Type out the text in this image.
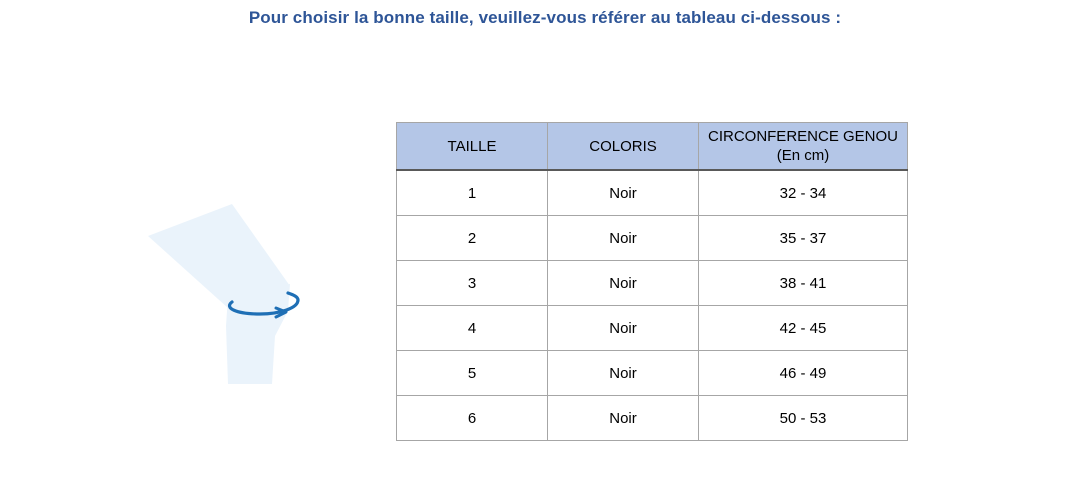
Pour choisir la bonne taille, veuillez-vous référer au tableau ci-dessous :
TAILLE	COLORIS	CIRCONFERENCE GENOU
(En cm)

1	Noir	32 - 34
2	Noir	35 - 37
3	Noir	38 - 41
4	Noir	42 - 45
5	Noir	46 - 49
6	Noir	50 - 53
